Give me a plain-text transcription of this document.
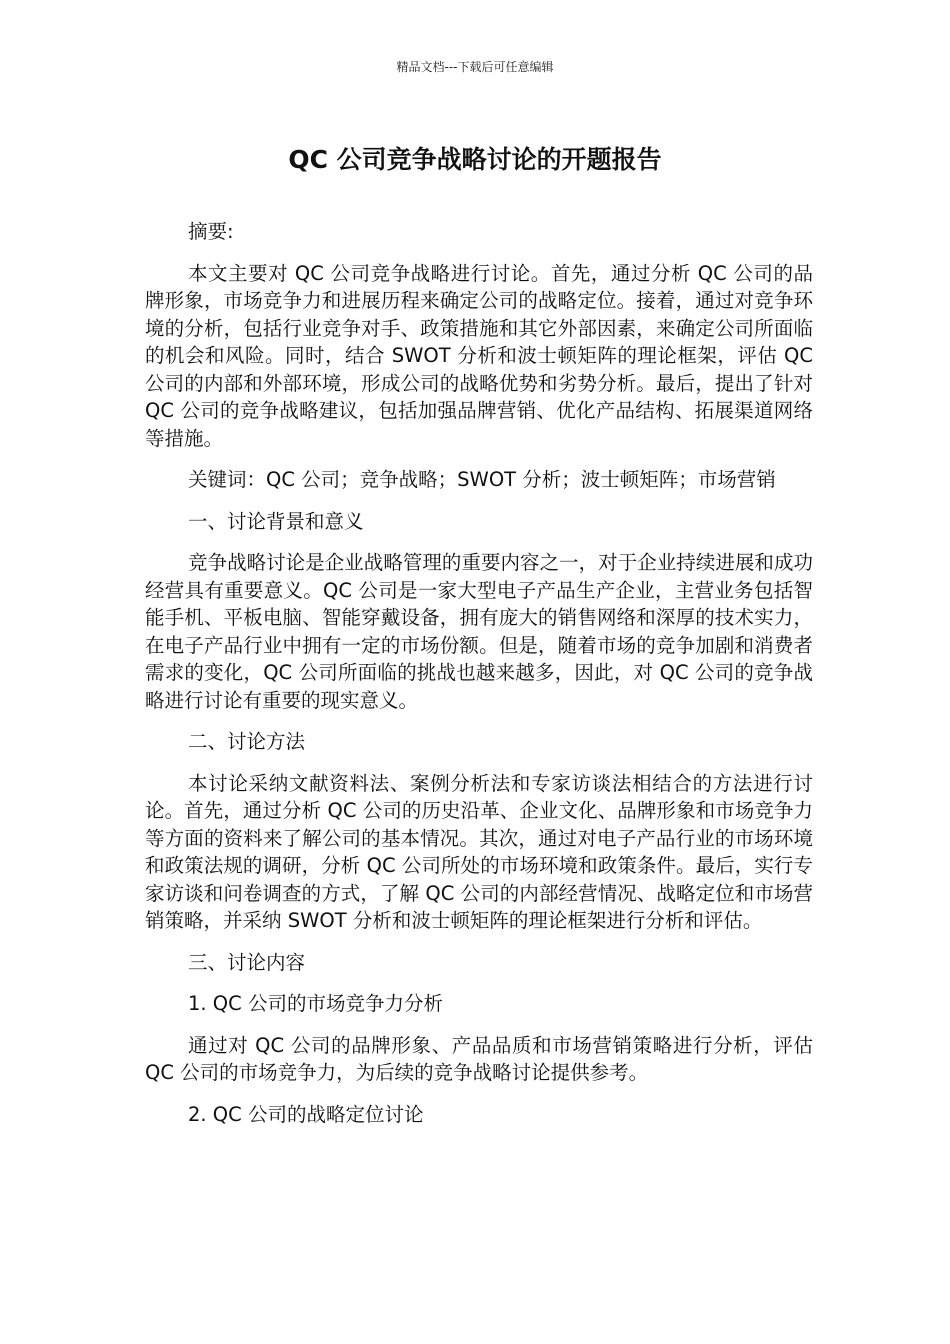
精品文档---下载后可任意编辑
QC 公司竞争战略讨论的开题报告

摘要:

本文主要对 QC 公司竞争战略进行讨论。首先，通过分析 QC 公司的品牌形象，市场竞争力和进展历程来确定公司的战略定位。接着，通过对竞争环境的分析，包括行业竞争对手、政策措施和其它外部因素，来确定公司所面临的机会和风险。同时，结合 SWOT 分析和波士顿矩阵的理论框架，评估 QC 公司的内部和外部环境，形成公司的战略优势和劣势分析。最后，提出了针对 QC 公司的竞争战略建议，包括加强品牌营销、优化产品结构、拓展渠道网络等措施。

关键词：QC 公司；竞争战略；SWOT 分析；波士顿矩阵；市场营销

一、讨论背景和意义

竞争战略讨论是企业战略管理的重要内容之一，对于企业持续进展和成功经营具有重要意义。QC 公司是一家大型电子产品生产企业，主营业务包括智能手机、平板电脑、智能穿戴设备，拥有庞大的销售网络和深厚的技术实力，在电子产品行业中拥有一定的市场份额。但是，随着市场的竞争加剧和消费者需求的变化，QC 公司所面临的挑战也越来越多，因此，对 QC 公司的竞争战略进行讨论有重要的现实意义。

二、讨论方法

本讨论采纳文献资料法、案例分析法和专家访谈法相结合的方法进行讨论。首先，通过分析 QC 公司的历史沿革、企业文化、品牌形象和市场竞争力等方面的资料来了解公司的基本情况。其次，通过对电子产品行业的市场环境和政策法规的调研，分析 QC 公司所处的市场环境和政策条件。最后，实行专家访谈和问卷调查的方式，了解 QC 公司的内部经营情况、战略定位和市场营销策略，并采纳 SWOT 分析和波士顿矩阵的理论框架进行分析和评估。

三、讨论内容

1. QC 公司的市场竞争力分析

通过对 QC 公司的品牌形象、产品品质和市场营销策略进行分析，评估 QC 公司的市场竞争力，为后续的竞争战略讨论提供参考。

2. QC 公司的战略定位讨论
